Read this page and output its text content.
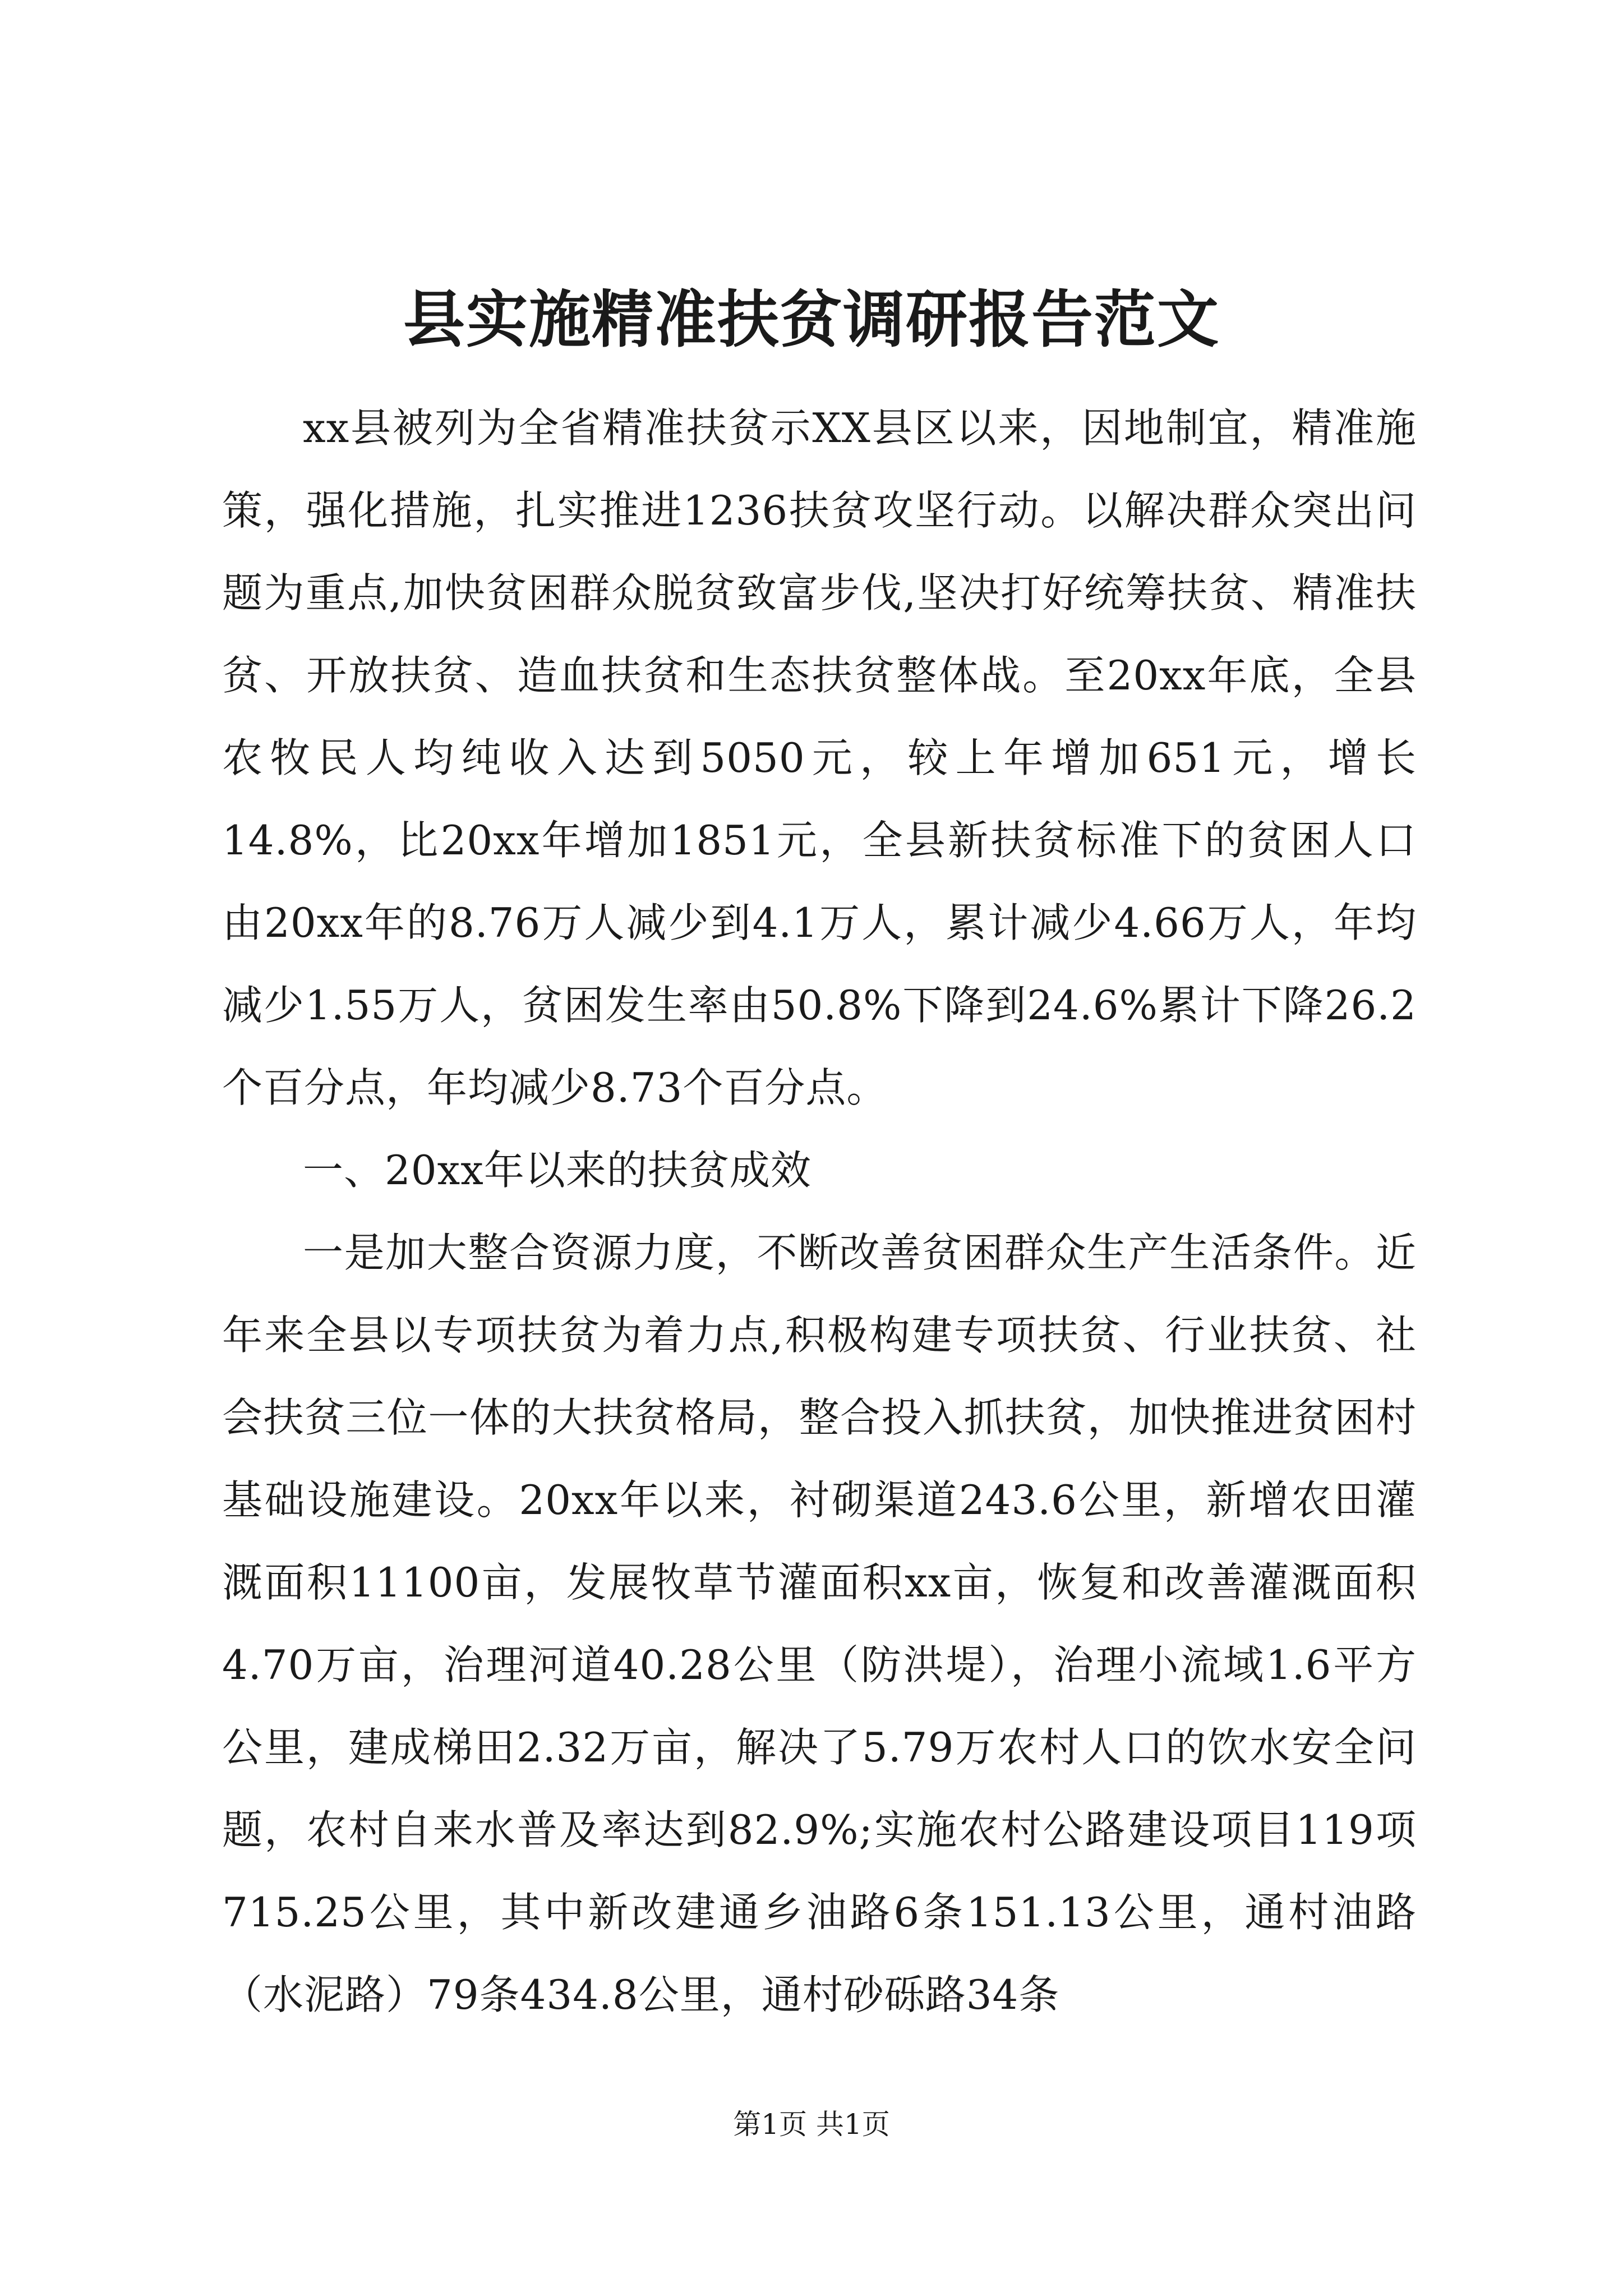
县实施精准扶贫调研报告范文

xx县被列为全省精准扶贫示XX县区以来，因地制宜，精准施策，强化措施，扎实推进1236扶贫攻坚行动。以解决群众突出问题为重点,加快贫困群众脱贫致富步伐,坚决打好统筹扶贫、精准扶贫、开放扶贫、造血扶贫和生态扶贫整体战。至20xx年底，全县农牧民人均纯收入达到5050元，较上年增加651元，增长14.8%，比20xx年增加1851元，全县新扶贫标准下的贫困人口由20xx年的8.76万人减少到4.1万人，累计减少4.66万人，年均减少1.55万人，贫困发生率由50.8%下降到24.6%累计下降26.2个百分点，年均减少8.73个百分点。

一、20xx年以来的扶贫成效

一是加大整合资源力度，不断改善贫困群众生产生活条件。近年来全县以专项扶贫为着力点,积极构建专项扶贫、行业扶贫、社会扶贫三位一体的大扶贫格局，整合投入抓扶贫，加快推进贫困村基础设施建设。20xx年以来，衬砌渠道243.6公里，新增农田灌溉面积11100亩，发展牧草节灌面积xx亩，恢复和改善灌溉面积4.70万亩，治理河道40.28公里（防洪堤），治理小流域1.6平方公里，建成梯田2.32万亩，解决了5.79万农村人口的饮水安全问题，农村自来水普及率达到82.9%;实施农村公路建设项目119项715.25公里，其中新改建通乡油路6条151.13公里，通村油路（水泥路）79条434.8公里，通村砂砾路34条

第1页 共1页
